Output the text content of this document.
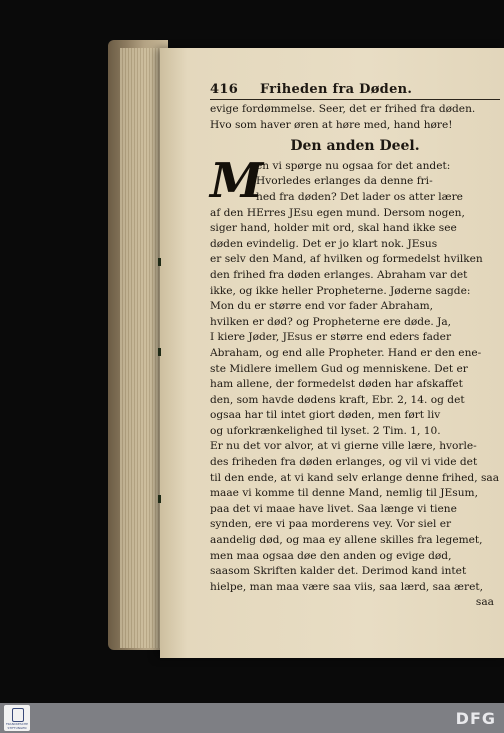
416	Friheden fra Døden.
evige fordømmelse. Seer, det er frihed fra døden.
Hvo som haver øren at høre med, hand høre!
Den anden Deel.
M
en vi spørge nu ogsaa for det andet:
Hvorledes erlanges da denne fri-
hed fra døden? Det lader os atter lære
af den HErres JEsu egen mund. Dersom nogen,
siger hand, holder mit ord, skal hand ikke see
døden evindelig. Det er jo klart nok. JEsus
er selv den Mand, af hvilken og formedelst hvilken
den frihed fra døden erlanges. Abraham var det
ikke, og ikke heller Propheterne. Jøderne sagde:
Mon du er større end vor fader Abraham,
hvilken er død? og Propheterne ere døde. Ja,
I kiere Jøder, JEsus er større end eders fader
Abraham, og end alle Propheter. Hand er den ene-
ste Midlere imellem Gud og menniskene. Det er
ham allene, der formedelst døden har afskaffet
den, som havde dødens kraft, Ebr. 2, 14. og det
ogsaa har til intet giort døden, men ført liv
og uforkrænkelighed til lyset. 2 Tim. 1, 10.
Er nu det vor alvor, at vi gierne ville lære, hvorle-
des friheden fra døden erlanges, og vil vi vide det
til den ende, at vi kand selv erlange denne frihed, saa
maae vi komme til denne Mand, nemlig til JEsum,
paa det vi maae have livet. Saa længe vi tiene
synden, ere vi paa morderens vey. Vor siel er
aandelig død, og maa ey allene skilles fra legemet,
men maa ogsaa døe den anden og evige død,
saasom Skriften kalder det. Derimod kand intet
hielpe, man maa være saa viis, saa lærd, saa æret,
saa
FRANCKESCHE STIFTUNGEN	DFG
